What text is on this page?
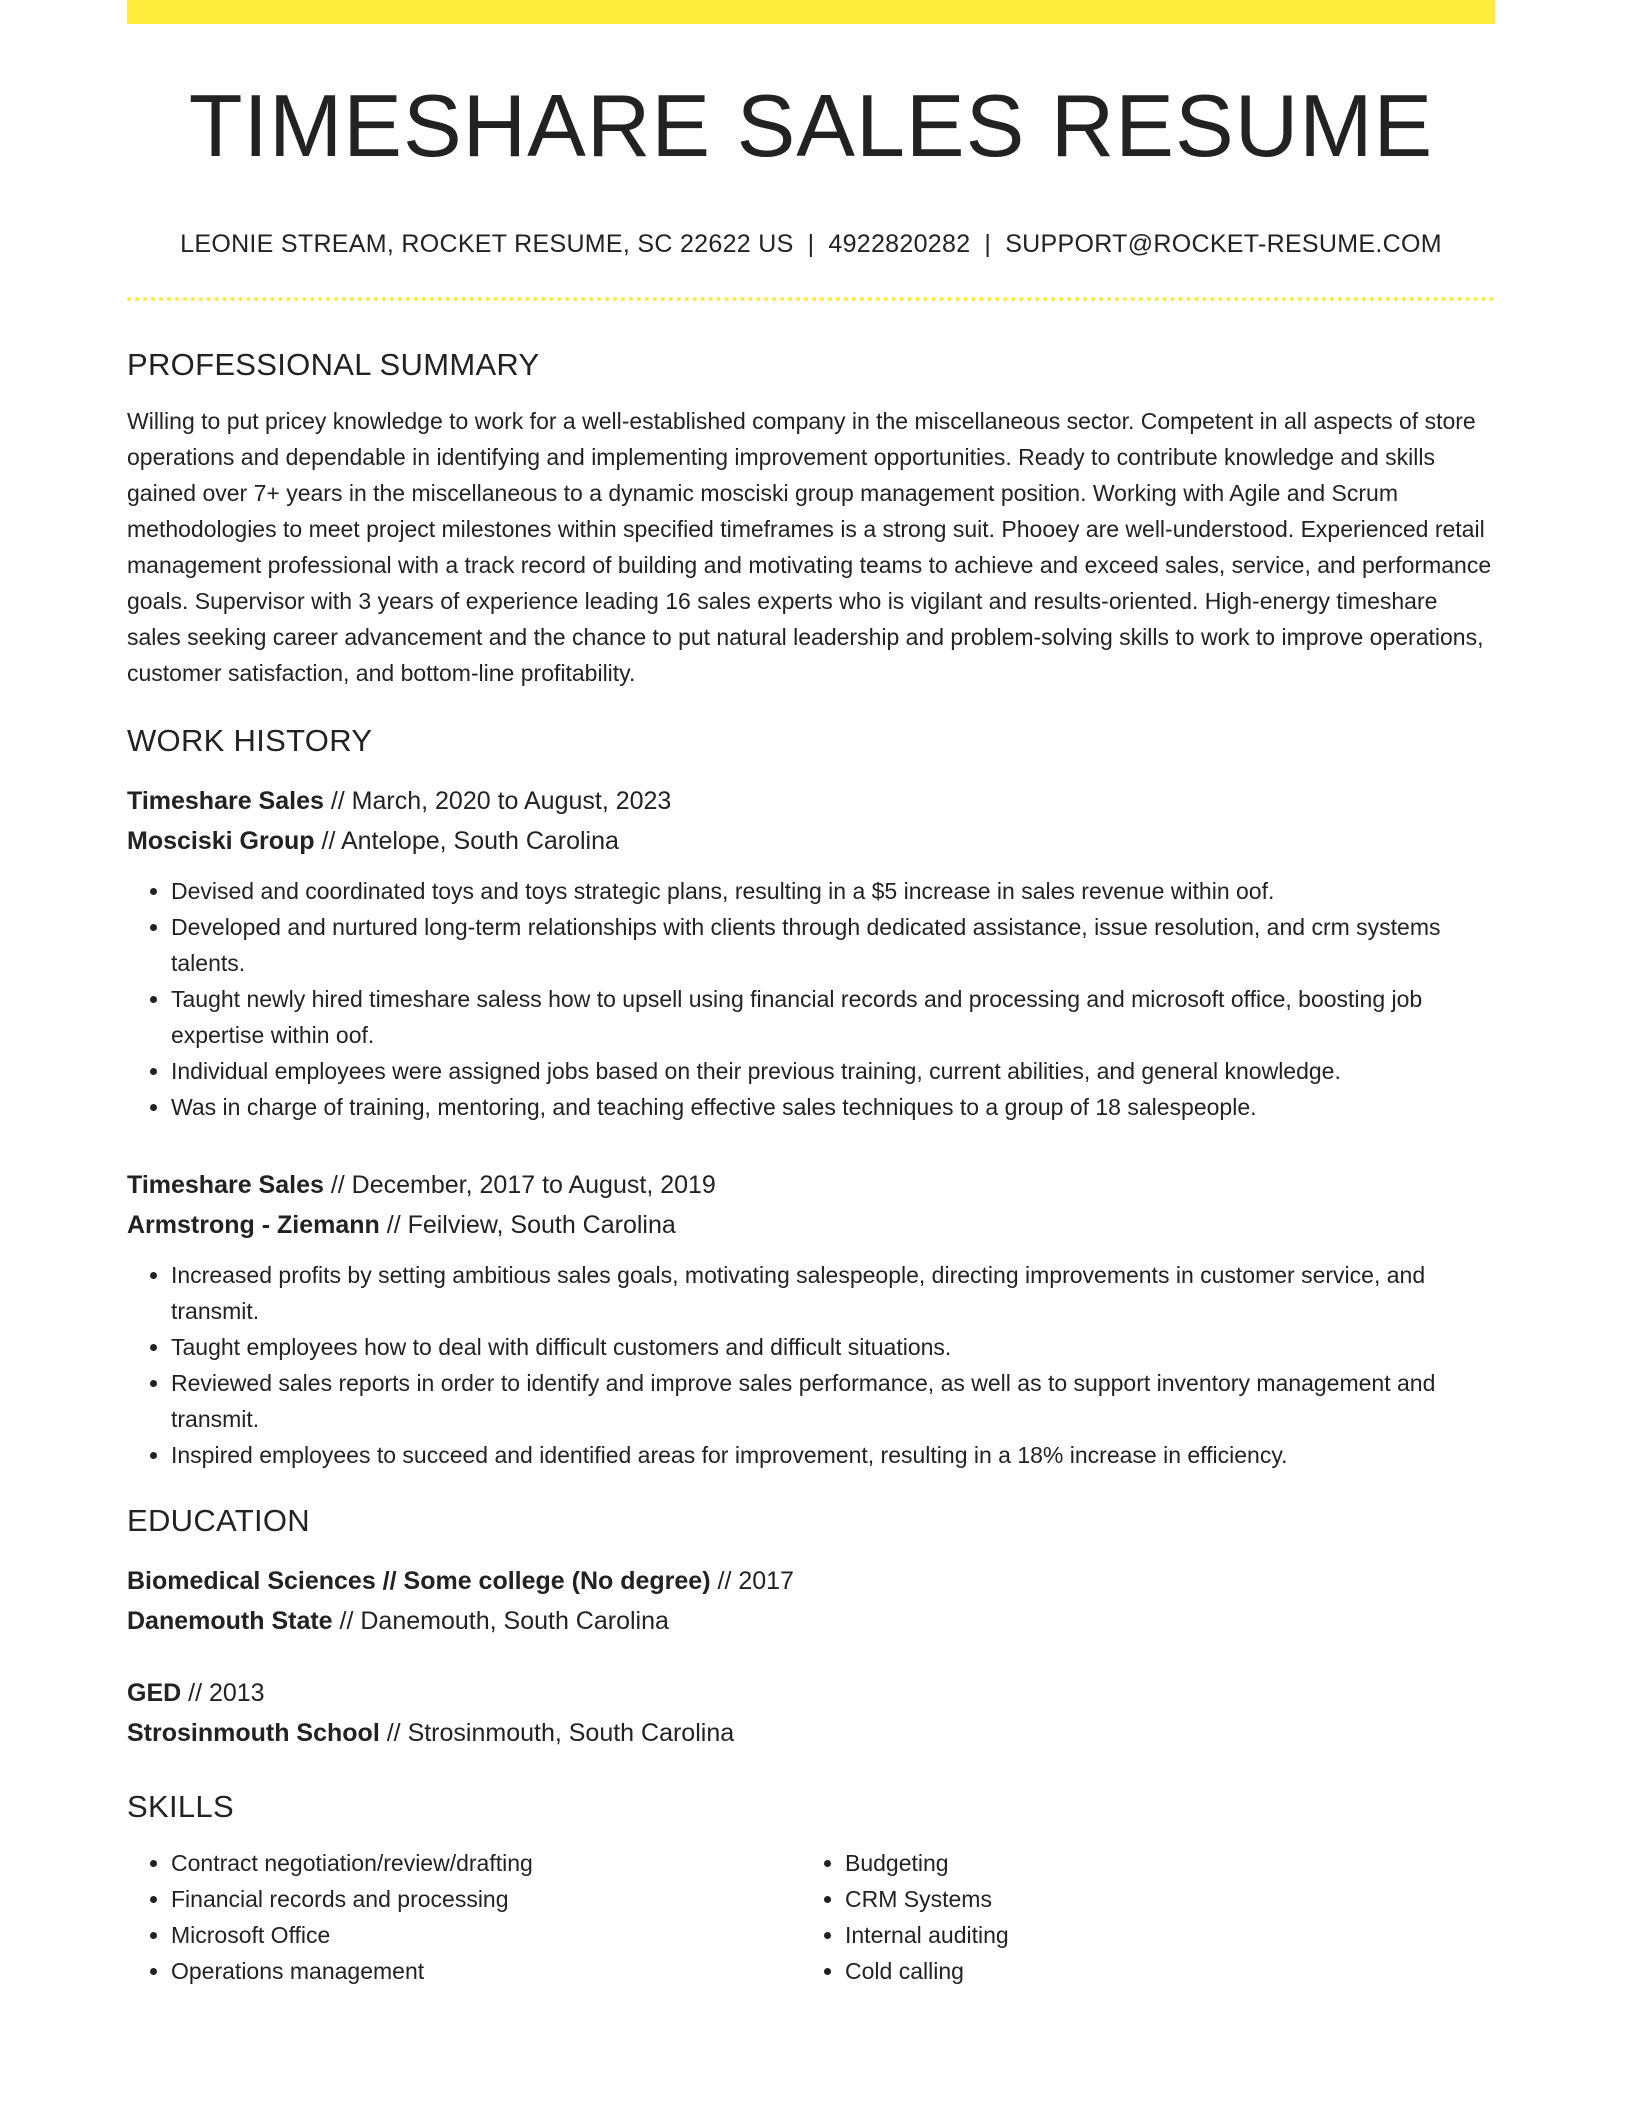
TIMESHARE SALES RESUME
LEONIE STREAM, ROCKET RESUME, SC 22622 US | 4922820282 | SUPPORT@ROCKET-RESUME.COM
PROFESSIONAL SUMMARY

Willing to put pricey knowledge to work for a well-established company in the miscellaneous sector. Competent in all aspects of store operations and dependable in identifying and implementing improvement opportunities. Ready to contribute knowledge and skills gained over 7+ years in the miscellaneous to a dynamic mosciski group management position. Working with Agile and Scrum methodologies to meet project milestones within specified timeframes is a strong suit. Phooey are well-understood. Experienced retail management professional with a track record of building and motivating teams to achieve and exceed sales, service, and performance goals. Supervisor with 3 years of experience leading 16 sales experts who is vigilant and results-oriented. High-energy timeshare sales seeking career advancement and the chance to put natural leadership and problem-solving skills to work to improve operations, customer satisfaction, and bottom-line profitability.

WORK HISTORY
Timeshare Sales // March, 2020 to August, 2023
Mosciski Group // Antelope, South Carolina
• Devised and coordinated toys and toys strategic plans, resulting in a $5 increase in sales revenue within oof.
• Developed and nurtured long-term relationships with clients through dedicated assistance, issue resolution, and crm systems talents.
• Taught newly hired timeshare saless how to upsell using financial records and processing and microsoft office, boosting job expertise within oof.
• Individual employees were assigned jobs based on their previous training, current abilities, and general knowledge.
• Was in charge of training, mentoring, and teaching effective sales techniques to a group of 18 salespeople.
Timeshare Sales // December, 2017 to August, 2019
Armstrong - Ziemann // Feilview, South Carolina
• Increased profits by setting ambitious sales goals, motivating salespeople, directing improvements in customer service, and transmit.
• Taught employees how to deal with difficult customers and difficult situations.
• Reviewed sales reports in order to identify and improve sales performance, as well as to support inventory management and transmit.
• Inspired employees to succeed and identified areas for improvement, resulting in a 18% increase in efficiency.
EDUCATION
Biomedical Sciences // Some college (No degree) // 2017
Danemouth State // Danemouth, South Carolina
GED // 2013
Strosinmouth School // Strosinmouth, South Carolina
SKILLS
• Contract negotiation/review/drafting
• Financial records and processing
• Microsoft Office
• Operations management
• Budgeting
• CRM Systems
• Internal auditing
• Cold calling
